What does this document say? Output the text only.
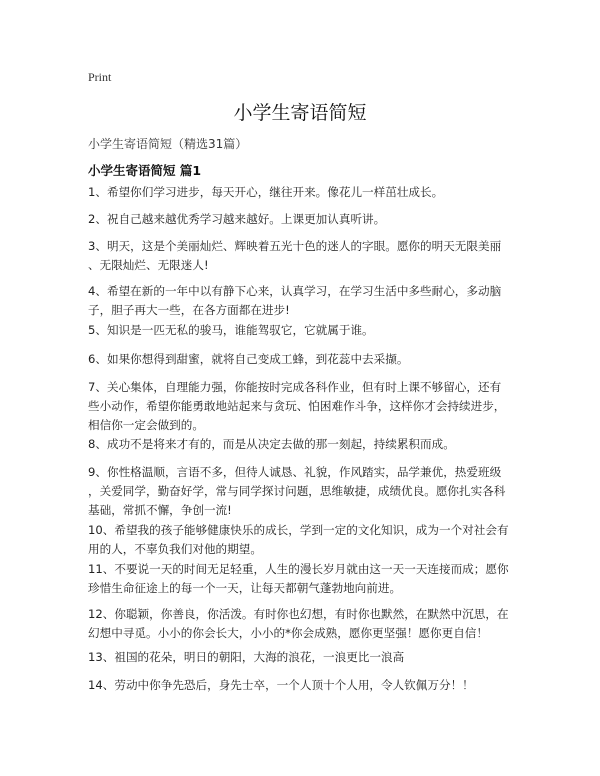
Print
小学生寄语简短
小学生寄语简短（精选31篇）
小学生寄语简短 篇1
1、希望你们学习进步，每天开心，继往开来。像花儿一样茁壮成长。
2、祝自己越来越优秀学习越来越好。上课更加认真听讲。
3、明天，这是个美丽灿烂、辉映着五光十色的迷人的字眼。愿你的明天无限美丽
、无限灿烂、无限迷人!
4、希望在新的一年中以有静下心来，认真学习，在学习生活中多些耐心，多动脑
子，胆子再大一些，在各方面都在进步!
5、知识是一匹无私的骏马，谁能驾驭它，它就属于谁。
6、如果你想得到甜蜜，就将自己变成工蜂，到花蕊中去采撷。
7、关心集体，自理能力强，你能按时完成各科作业，但有时上课不够留心，还有
些小动作，希望你能勇敢地站起来与贪玩、怕困难作斗争，这样你才会持续进步，
相信你一定会做到的。
8、成功不是将来才有的，而是从决定去做的那一刻起，持续累积而成。
9、你性格温顺，言语不多，但待人诚恳、礼貌，作风踏实，品学兼优，热爱班级
，关爱同学，勤奋好学，常与同学探讨问题，思维敏捷，成绩优良。愿你扎实各科
基础，常抓不懈，争创一流!
10、希望我的孩子能够健康快乐的成长，学到一定的文化知识，成为一个对社会有
用的人，不辜负我们对他的期望。
11、不要说一天的时间无足轻重，人生的漫长岁月就由这一天一天连接而成；愿你
珍惜生命征途上的每一个一天，让每天都朝气蓬勃地向前进。
12、你聪颖，你善良，你活泼。有时你也幻想，有时你也默然，在默然中沉思，在
幻想中寻觅。小小的你会长大，小小的*你会成熟，愿你更坚强！愿你更自信！
13、祖国的花朵，明日的朝阳，大海的浪花，一浪更比一浪高
14、劳动中你争先恐后，身先士卒，一个人顶十个人用，令人钦佩万分！！
